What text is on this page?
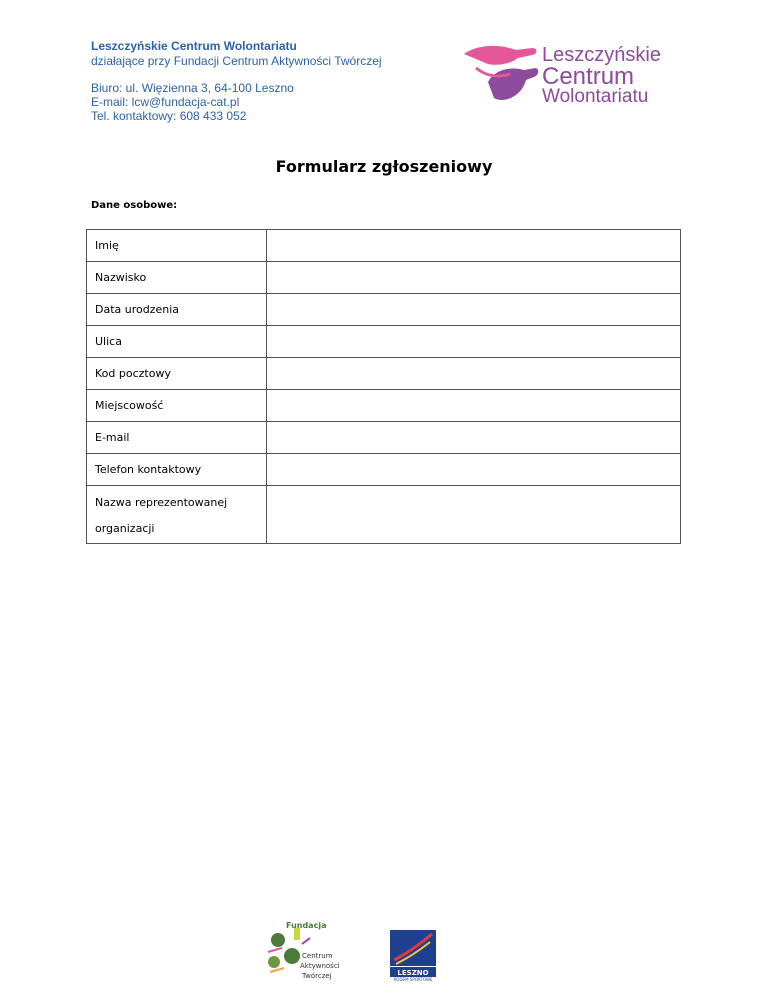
Leszczyńskie Centrum Wolontariatu
działające przy Fundacji Centrum Aktywności Twórczej
Biuro: ul. Więzienna 3, 64-100 Leszno
E-mail: lcw@fundacja-cat.pl
Tel. kontaktowy: 608 433 052
Leszczyńskie
Centrum
Wolontariatu
Formularz zgłoszeniowy
Dane osobowe:
Imię	
Nazwisko	
Data urodzenia	
Ulica	
Kod pocztowy	
Miejscowość	
E-mail	
Telefon kontaktowy	

Nazwa reprezentowanej
organizacji	

Fundacja
Centrum
Aktywności
Twórczej	LESZNO
RODEM SPORTOWE
